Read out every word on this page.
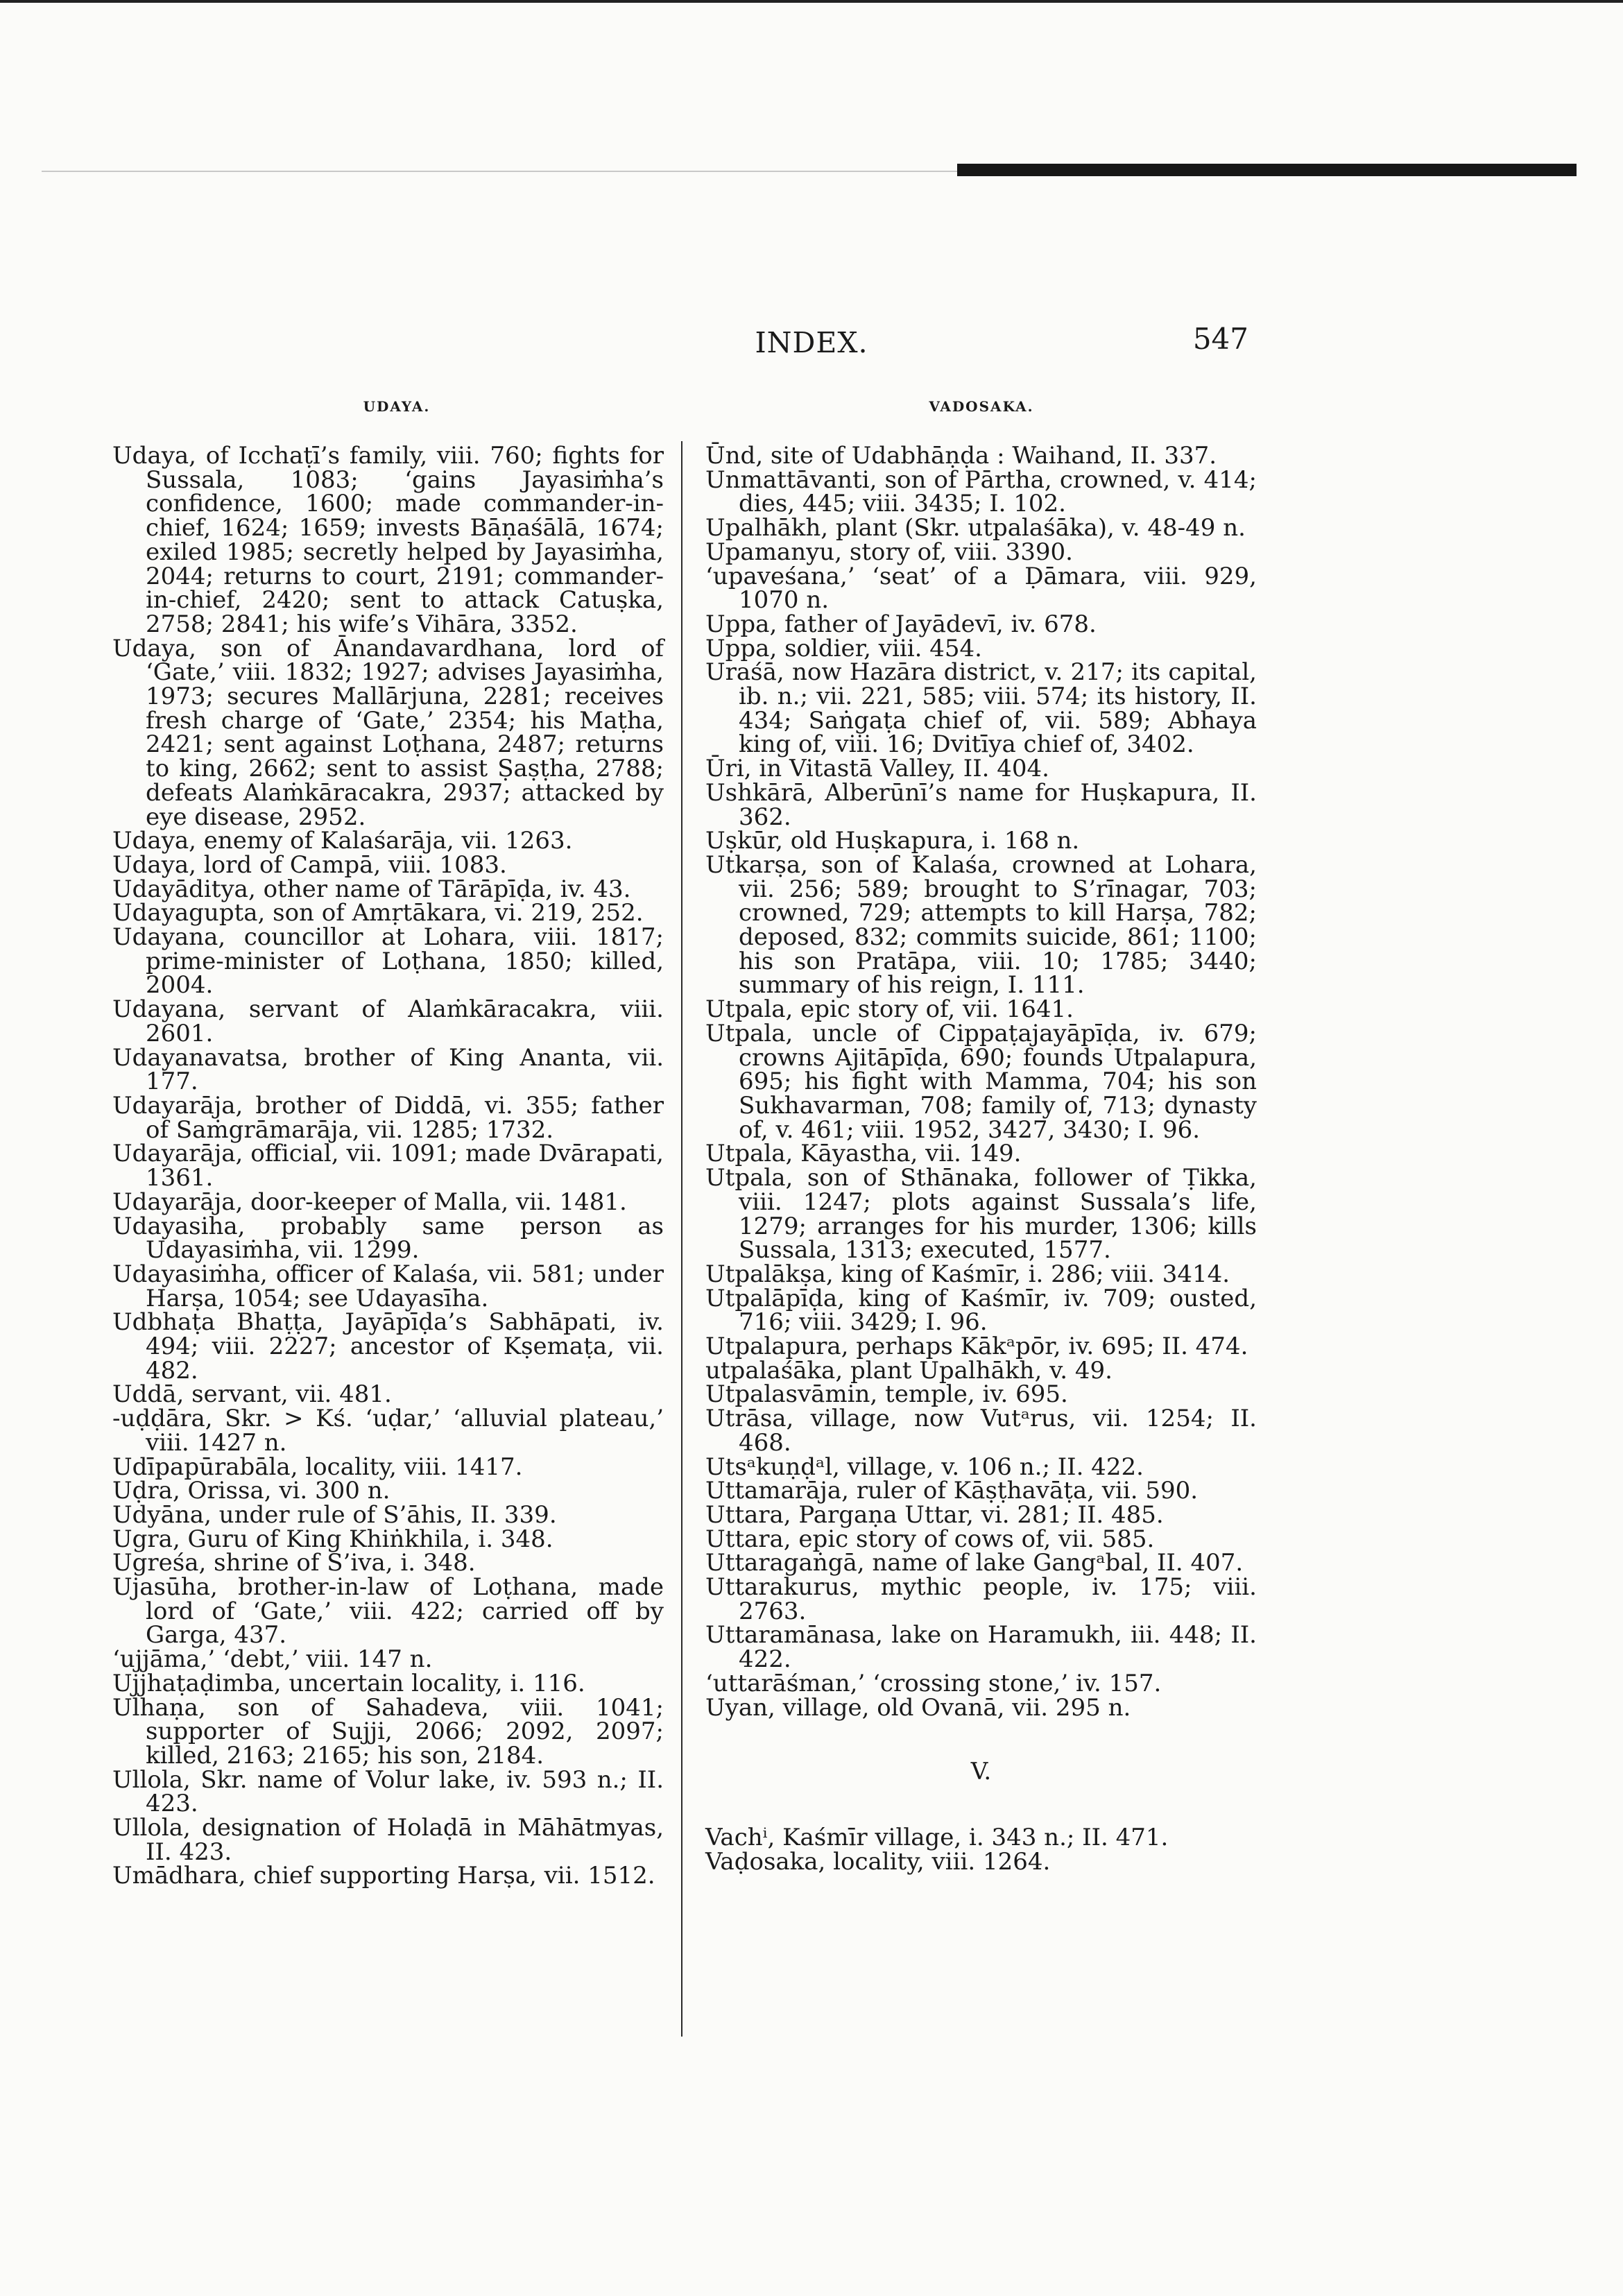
INDEX.	547
UDAYA.	VADOSAKA.

Udaya, of Icchaṭī’s family, viii. 760; fights for Sussala, 1083; ‘gains Jayasiṁha’s confidence, 1600; made commander-in-chief, 1624; 1659; invests Bāṇaśālā, 1674; exiled 1985; secretly helped by Jayasiṁha, 2044; returns to court, 2191; commander-in-chief, 2420; sent to attack Catuṣka, 2758; 2841; his wife’s Vihāra, 3352.

Udaya, son of Ānandavardhana, lord of ‘Gate,’ viii. 1832; 1927; advises Jayasiṁha, 1973; secures Mallārjuna, 2281; receives fresh charge of ‘Gate,’ 2354; his Maṭha, 2421; sent against Loṭhana, 2487; returns to king, 2662; sent to assist Ṣaṣṭha, 2788; defeats Alaṁkāracakra, 2937; attacked by eye disease, 2952.

Udaya, enemy of Kalaśarāja, vii. 1263.

Udaya, lord of Campā, viii. 1083.

Udayāditya, other name of Tārāpīḍa, iv. 43.

Udayagupta, son of Amṛtākara, vi. 219, 252.

Udayana, councillor at Lohara, viii. 1817; prime-minister of Loṭhana, 1850; killed, 2004.

Udayana, servant of Alaṁkāracakra, viii. 2601.

Udayanavatsa, brother of King Ananta, vii. 177.

Udayarāja, brother of Diddā, vi. 355; father of Saṁgrāmarāja, vii. 1285; 1732.

Udayarāja, official, vii. 1091; made Dvārapati, 1361.

Udayarāja, door-keeper of Malla, vii. 1481.

Udayasiha, probably same person as Udayasiṁha, vii. 1299.

Udayasiṁha, officer of Kalaśa, vii. 581; under Harṣa, 1054; see Udayasīha.

Udbhaṭa Bhaṭṭa, Jayāpīḍa’s Sabhāpati, iv. 494; viii. 2227; ancestor of Kṣemaṭa, vii. 482.

Uddā, servant, vii. 481.

-uḍḍāra, Skr. > Kś. ‘uḍar,’ ‘alluvial plateau,’ viii. 1427 n.

Udīpapūrabāla, locality, viii. 1417.

Uḍra, Orissa, vi. 300 n.

Udyāna, under rule of S’āhis, II. 339.

Ugra, Guru of King Khiṅkhila, i. 348.

Ugreśa, shrine of S’iva, i. 348.

Ujasūha, brother-in-law of Loṭhana, made lord of ‘Gate,’ viii. 422; carried off by Garga, 437.

‘ujjāma,’ ‘debt,’ viii. 147 n.

Ujjhaṭaḍimba, uncertain locality, i. 116.

Ulhaṇa, son of Sahadeva, viii. 1041; supporter of Sujji, 2066; 2092, 2097; killed, 2163; 2165; his son, 2184.

Ullola, Skr. name of Volur lake, iv. 593 n.; II. 423.

Ullola, designation of Holaḍā in Māhātmyas, II. 423.

Umādhara, chief supporting Harṣa, vii. 1512.

Ūnd, site of Udabhāṇḍa : Waihand, II. 337.

Unmattāvanti, son of Pārtha, crowned, v. 414; dies, 445; viii. 3435; I. 102.

Upalhākh, plant (Skr. utpalaśāka), v. 48-49 n.

Upamanyu, story of, viii. 3390.

‘upaveśana,’ ‘seat’ of a Ḍāmara, viii. 929, 1070 n.

Uppa, father of Jayādevī, iv. 678.

Uppa, soldier, viii. 454.

Uraśā, now Hazāra district, v. 217; its capital, ib. n.; vii. 221, 585; viii. 574; its history, II. 434; Saṅgaṭa chief of, vii. 589; Abhaya king of, viii. 16; Dvitīya chief of, 3402.

Ūri, in Vitastā Valley, II. 404.

Ushkārā, Alberūnī’s name for Huṣkapura, II. 362.

Uṣkūr, old Huṣkapura, i. 168 n.

Utkarṣa, son of Kalaśa, crowned at Lohara, vii. 256; 589; brought to S’rīnagar, 703; crowned, 729; attempts to kill Harṣa, 782; deposed, 832; commits suicide, 861; 1100; his son Pratāpa, viii. 10; 1785; 3440; summary of his reign, I. 111.

Utpala, epic story of, vii. 1641.

Utpala, uncle of Cippaṭajayāpīḍa, iv. 679; crowns Ajitāpīḍa, 690; founds Utpalapura, 695; his fight with Mamma, 704; his son Sukhavarman, 708; family of, 713; dynasty of, v. 461; viii. 1952, 3427, 3430; I. 96.

Utpala, Kāyastha, vii. 149.

Utpala, son of Sthānaka, follower of Ṭikka, viii. 1247; plots against Sussala’s life, 1279; arranges for his murder, 1306; kills Sussala, 1313; executed, 1577.

Utpalākṣa, king of Kaśmīr, i. 286; viii. 3414.

Utpalāpīḍa, king of Kaśmīr, iv. 709; ousted, 716; viii. 3429; I. 96.

Utpalapura, perhaps Kākᵃpōr, iv. 695; II. 474.

utpalaśāka, plant Upalhākh, v. 49.

Utpalasvāmin, temple, iv. 695.

Utrāsa, village, now Vutᵃrus, vii. 1254; II. 468.

Utsᵃkuṇḍᵃl, village, v. 106 n.; II. 422.

Uttamarāja, ruler of Kāṣṭhavāṭa, vii. 590.

Uttara, Pargaṇa Uttar, vi. 281; II. 485.

Uttara, epic story of cows of, vii. 585.

Uttaragaṅgā, name of lake Gangᵃbal, II. 407.

Uttarakurus, mythic people, iv. 175; viii. 2763.

Uttaramānasa, lake on Haramukh, iii. 448; II. 422.

‘uttarāśman,’ ‘crossing stone,’ iv. 157.

Uyan, village, old Ovanā, vii. 295 n.

V.

Vachⁱ, Kaśmīr village, i. 343 n.; II. 471.

Vaḍosaka, locality, viii. 1264.
